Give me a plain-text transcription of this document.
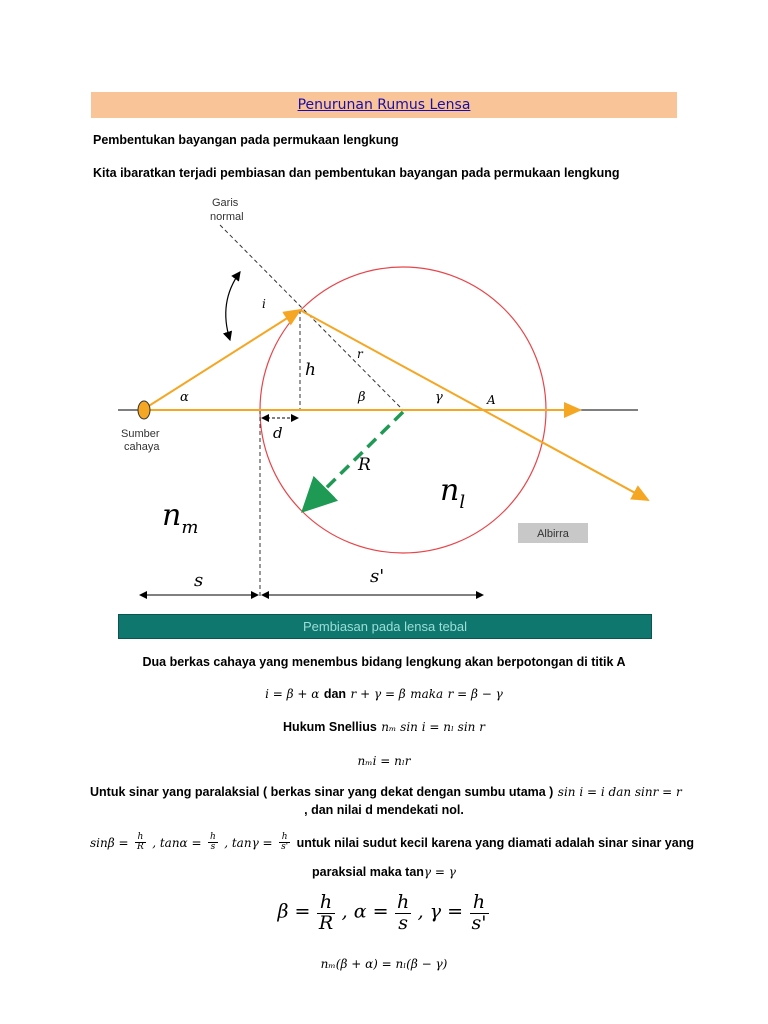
Penurunan Rumus Lensa
Pembentukan bayangan pada permukaan lengkung
Kita ibaratkan terjadi pembiasan dan pembentukan bayangan pada permukaan lengkung
Garis
normal
Sumber
cahaya
i
r
α	β	γ	A
h
d
R
$n_l$
$n_m$	Albirra
s	s'
Pembiasan pada lensa tebal
Dua berkas cahaya yang menembus bidang lengkung akan berpotongan di titik A
i = β + α dan r + γ = β maka r = β − γ
Hukum Snellius nₘ sin i = nₗ sin r
nₘi = nₗr
Untuk sinar yang paralaksial ( berkas sinar yang dekat dengan sumbu utama ) sin i = i dan sinr = r
, dan nilai d mendekati nol.
$\sin\beta = \frac{h}{R}$ , $\tan\alpha = \frac{h}{s}$ , $\tan\gamma = \frac{h}{s'}$ untuk nilai sudut kecil karena yang diamati adalah sinar sinar yang
paraksial maka tanγ = γ
$\beta = \frac{h}{R}$ , $\alpha = \frac{h}{s}$ , $\gamma = \frac{h}{s'}$
nₘ(β + α) = nₗ(β − γ)
